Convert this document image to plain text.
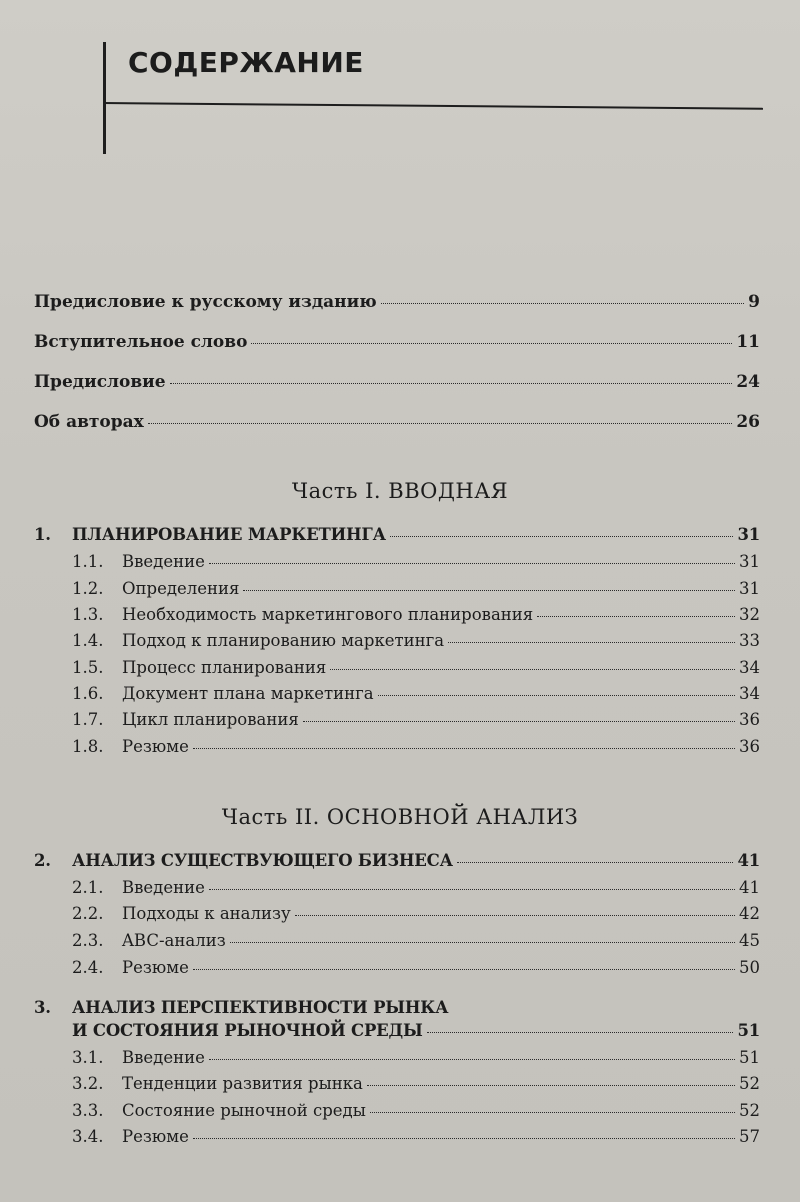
СОДЕРЖАНИЕ
Предисловие к русскому изданию	9
Вступительное слово	11
Предисловие	24
Об авторах	26
Часть I. ВВОДНАЯ
1.	ПЛАНИРОВАНИЕ МАРКЕТИНГА	31
1.1.	Введение	31
1.2.	Определения	31
1.3.	Необходимость маркетингового планирования	32
1.4.	Подход к планированию маркетинга	33
1.5.	Процесс планирования	34
1.6.	Документ плана маркетинга	34
1.7.	Цикл планирования	36
1.8.	Резюме	36
Часть II. ОСНОВНОЙ АНАЛИЗ
2.	АНАЛИЗ СУЩЕСТВУЮЩЕГО БИЗНЕСА	41
2.1.	Введение	41
2.2.	Подходы к анализу	42
2.3.	ABC-анализ	45
2.4.	Резюме	50
3. АНАЛИЗ ПЕРСПЕКТИВНОСТИ РЫНКА
И СОСТОЯНИЯ РЫНОЧНОЙ СРЕДЫ	51
3.1.	Введение	51
3.2.	Тенденции развития рынка	52
3.3.	Состояние рыночной среды	52
3.4.	Резюме	57
